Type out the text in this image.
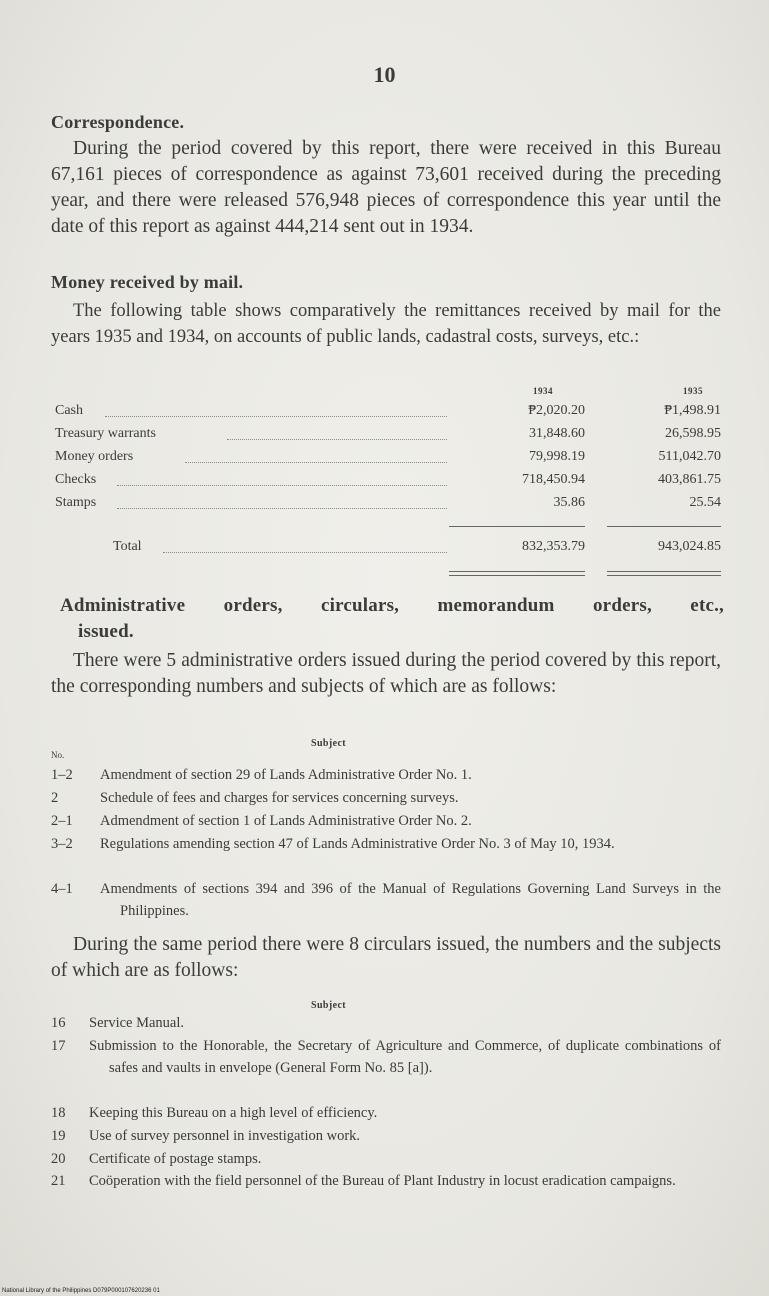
10
Correspondence.
During the period covered by this report, there were received in this Bureau 67,161 pieces of correspondence as against 73,601 received during the preceding year, and there were released 576,948 pieces of correspondence this year until the date of this report as against 444,214 sent out in 1934.
Money received by mail.
The following table shows comparatively the remittances received by mail for the years 1935 and 1934, on accounts of public lands, cadastral costs, surveys, etc.:
1934	1935
Cash	₱2,020.20	₱1,498.91
Treasury warrants	31,848.60	26,598.95
Money orders	79,998.19	511,042.70
Checks	718,450.94	403,861.75
Stamps	35.86	25.54
Total	832,353.79	943,024.85
Administrative orders, circulars, memorandum orders, etc.,
issued.
There were 5 administrative orders issued during the period covered by this report, the corresponding numbers and subjects of which are as follows:
Subject
No.
1–2 Amendment of section 29 of Lands Administrative Order No. 1.
2	Schedule of fees and charges for services concerning surveys.
2–1 Admendment of section 1 of Lands Administrative Order No. 2.
3–2 Regulations amending section 47 of Lands Administrative Order No. 3 of May 10, 1934.
4–1 Amendments of sections 394 and 396 of the Manual of Regulations Governing Land Surveys in the Philippines.
During the same period there were 8 circulars issued, the numbers and the subjects of which are as follows:
Subject
16 Service Manual.
17 Submission to the Honorable, the Secretary of Agriculture and Commerce, of duplicate combinations of safes and vaults in envelope (General Form No. 85 [a]).
18 Keeping this Bureau on a high level of efficiency.
19 Use of survey personnel in investigation work.
20 Certificate of postage stamps.
21 Coöperation with the field personnel of the Bureau of Plant Industry in locust eradication campaigns.
National Library of the Philippines D079P000107620236 01
